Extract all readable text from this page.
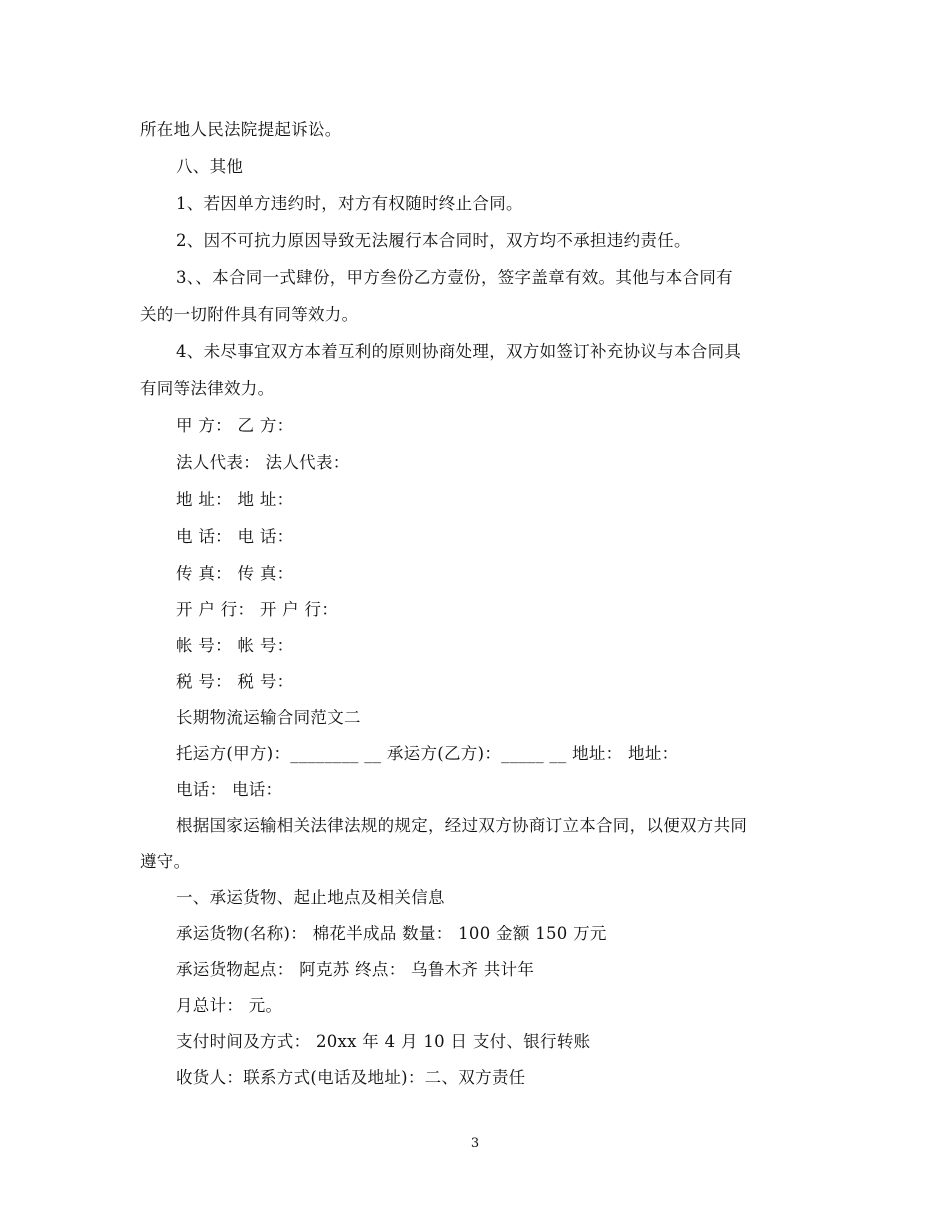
所在地人民法院提起诉讼。
八、其他
1、若因单方违约时，对方有权随时终止合同。
2、因不可抗力原因导致无法履行本合同时，双方均不承担违约责任。
3、、本合同一式肆份，甲方叁份乙方壹份，签字盖章有效。其他与本合同有
关的一切附件具有同等效力。
4、未尽事宜双方本着互利的原则协商处理，双方如签订补充协议与本合同具
有同等法律效力。
甲 方： 乙 方：
法人代表： 法人代表：
地 址： 地 址：
电 话： 电 话：
传 真： 传 真：
开 户 行： 开 户 行：
帐 号： 帐 号：
税 号： 税 号：
长期物流运输合同范文二
托运方(甲方)：________ __ 承运方(乙方)：_____ __ 地址： 地址：
电话： 电话：
根据国家运输相关法律法规的规定，经过双方协商订立本合同，以便双方共同
遵守。
一、承运货物、起止地点及相关信息
承运货物(名称)： 棉花半成品 数量： 100 金额 150 万元
承运货物起点： 阿克苏 终点： 乌鲁木齐 共计年
月总计： 元。
支付时间及方式： 20xx 年 4 月 10 日 支付、银行转账
收货人：联系方式(电话及地址)：二、双方责任
3
